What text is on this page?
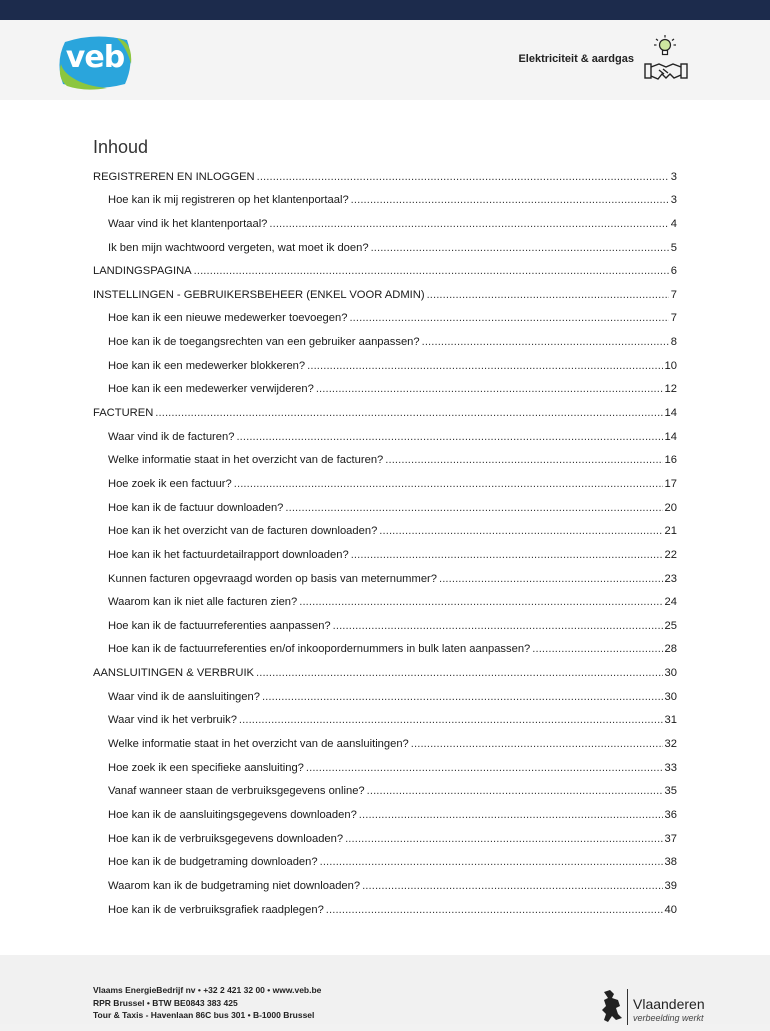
veb	Elektriciteit & aardgas
Inhoud
REGISTREREN EN INLOGGEN . . .	3
Hoe kan ik mij registreren op het klantenportaal? . . .	3
Waar vind ik het klantenportaal? . . .	4
Ik ben mijn wachtwoord vergeten, wat moet ik doen? . . .	5
LANDINGSPAGINA . . .	6
INSTELLINGEN - GEBRUIKERSBEHEER (ENKEL VOOR ADMIN) . . .	7
Hoe kan ik een nieuwe medewerker toevoegen? . . .	7
Hoe kan ik de toegangsrechten van een gebruiker aanpassen? . . .	8
Hoe kan ik een medewerker blokkeren? . . .	10
Hoe kan ik een medewerker verwijderen? . . .	12
FACTUREN . . .	14
Waar vind ik de facturen? . . .	14
Welke informatie staat in het overzicht van de facturen? . . .	16
Hoe zoek ik een factuur? . . .	17
Hoe kan ik de factuur downloaden? . . .	20
Hoe kan ik het overzicht van de facturen downloaden? . . .	21
Hoe kan ik het factuurdetailrapport downloaden? . . .	22
Kunnen facturen opgevraagd worden op basis van meternummer? . . .	23
Waarom kan ik niet alle facturen zien? . . .	24
Hoe kan ik de factuurreferenties aanpassen? . . .	25
Hoe kan ik de factuurreferenties en/of inkoopordernummers in bulk laten aanpassen? . . .	28
AANSLUITINGEN & VERBRUIK . . .	30
Waar vind ik de aansluitingen? . . .	30
Waar vind ik het verbruik? . . .	31
Welke informatie staat in het overzicht van de aansluitingen? . . .	32
Hoe zoek ik een specifieke aansluiting? . . .	33
Vanaf wanneer staan de verbruiksgegevens online? . . .	35
Hoe kan ik de aansluitingsgegevens downloaden? . . .	36
Hoe kan ik de verbruiksgegevens downloaden? . . .	37
Hoe kan ik de budgetraming downloaden? . . .	38
Waarom kan ik de budgetraming niet downloaden? . . .	39
Hoe kan ik de verbruiksgrafiek raadplegen? . . .	40
Vlaams EnergieBedrijf nv • +32 2 421 32 00 • www.veb.be
RPR Brussel • BTW BE0843 383 425
Tour & Taxis - Havenlaan 86C bus 301 • B-1000 Brussel
Vlaanderen
verbeelding werkt
